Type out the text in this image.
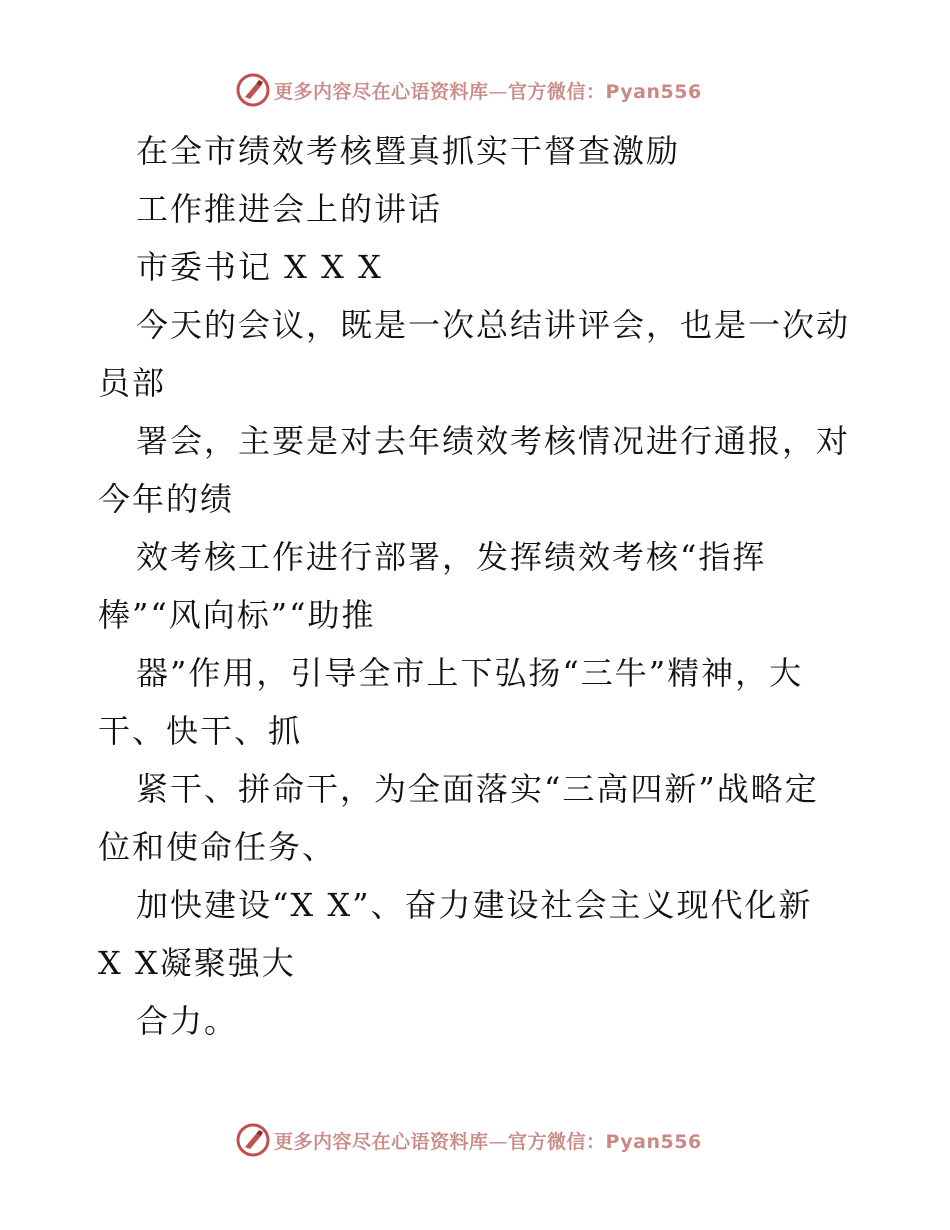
更多内容尽在心语资料库—官方微信：Pyan556
在全市绩效考核暨真抓实干督查激励
工作推进会上的讲话
市委书记 X X X
今天的会议，既是一次总结讲评会，也是一次动
员部
署会，主要是对去年绩效考核情况进行通报，对
今年的绩
效考核工作进行部署，发挥绩效考核“指挥
棒”“风向标”“助推
器”作用，引导全市上下弘扬“三牛”精神，大
干、快干、抓
紧干、拼命干，为全面落实“三高四新”战略定
位和使命任务、
加快建设“X X”、奋力建设社会主义现代化新
X X凝聚强大
合力。
更多内容尽在心语资料库—官方微信：Pyan556
